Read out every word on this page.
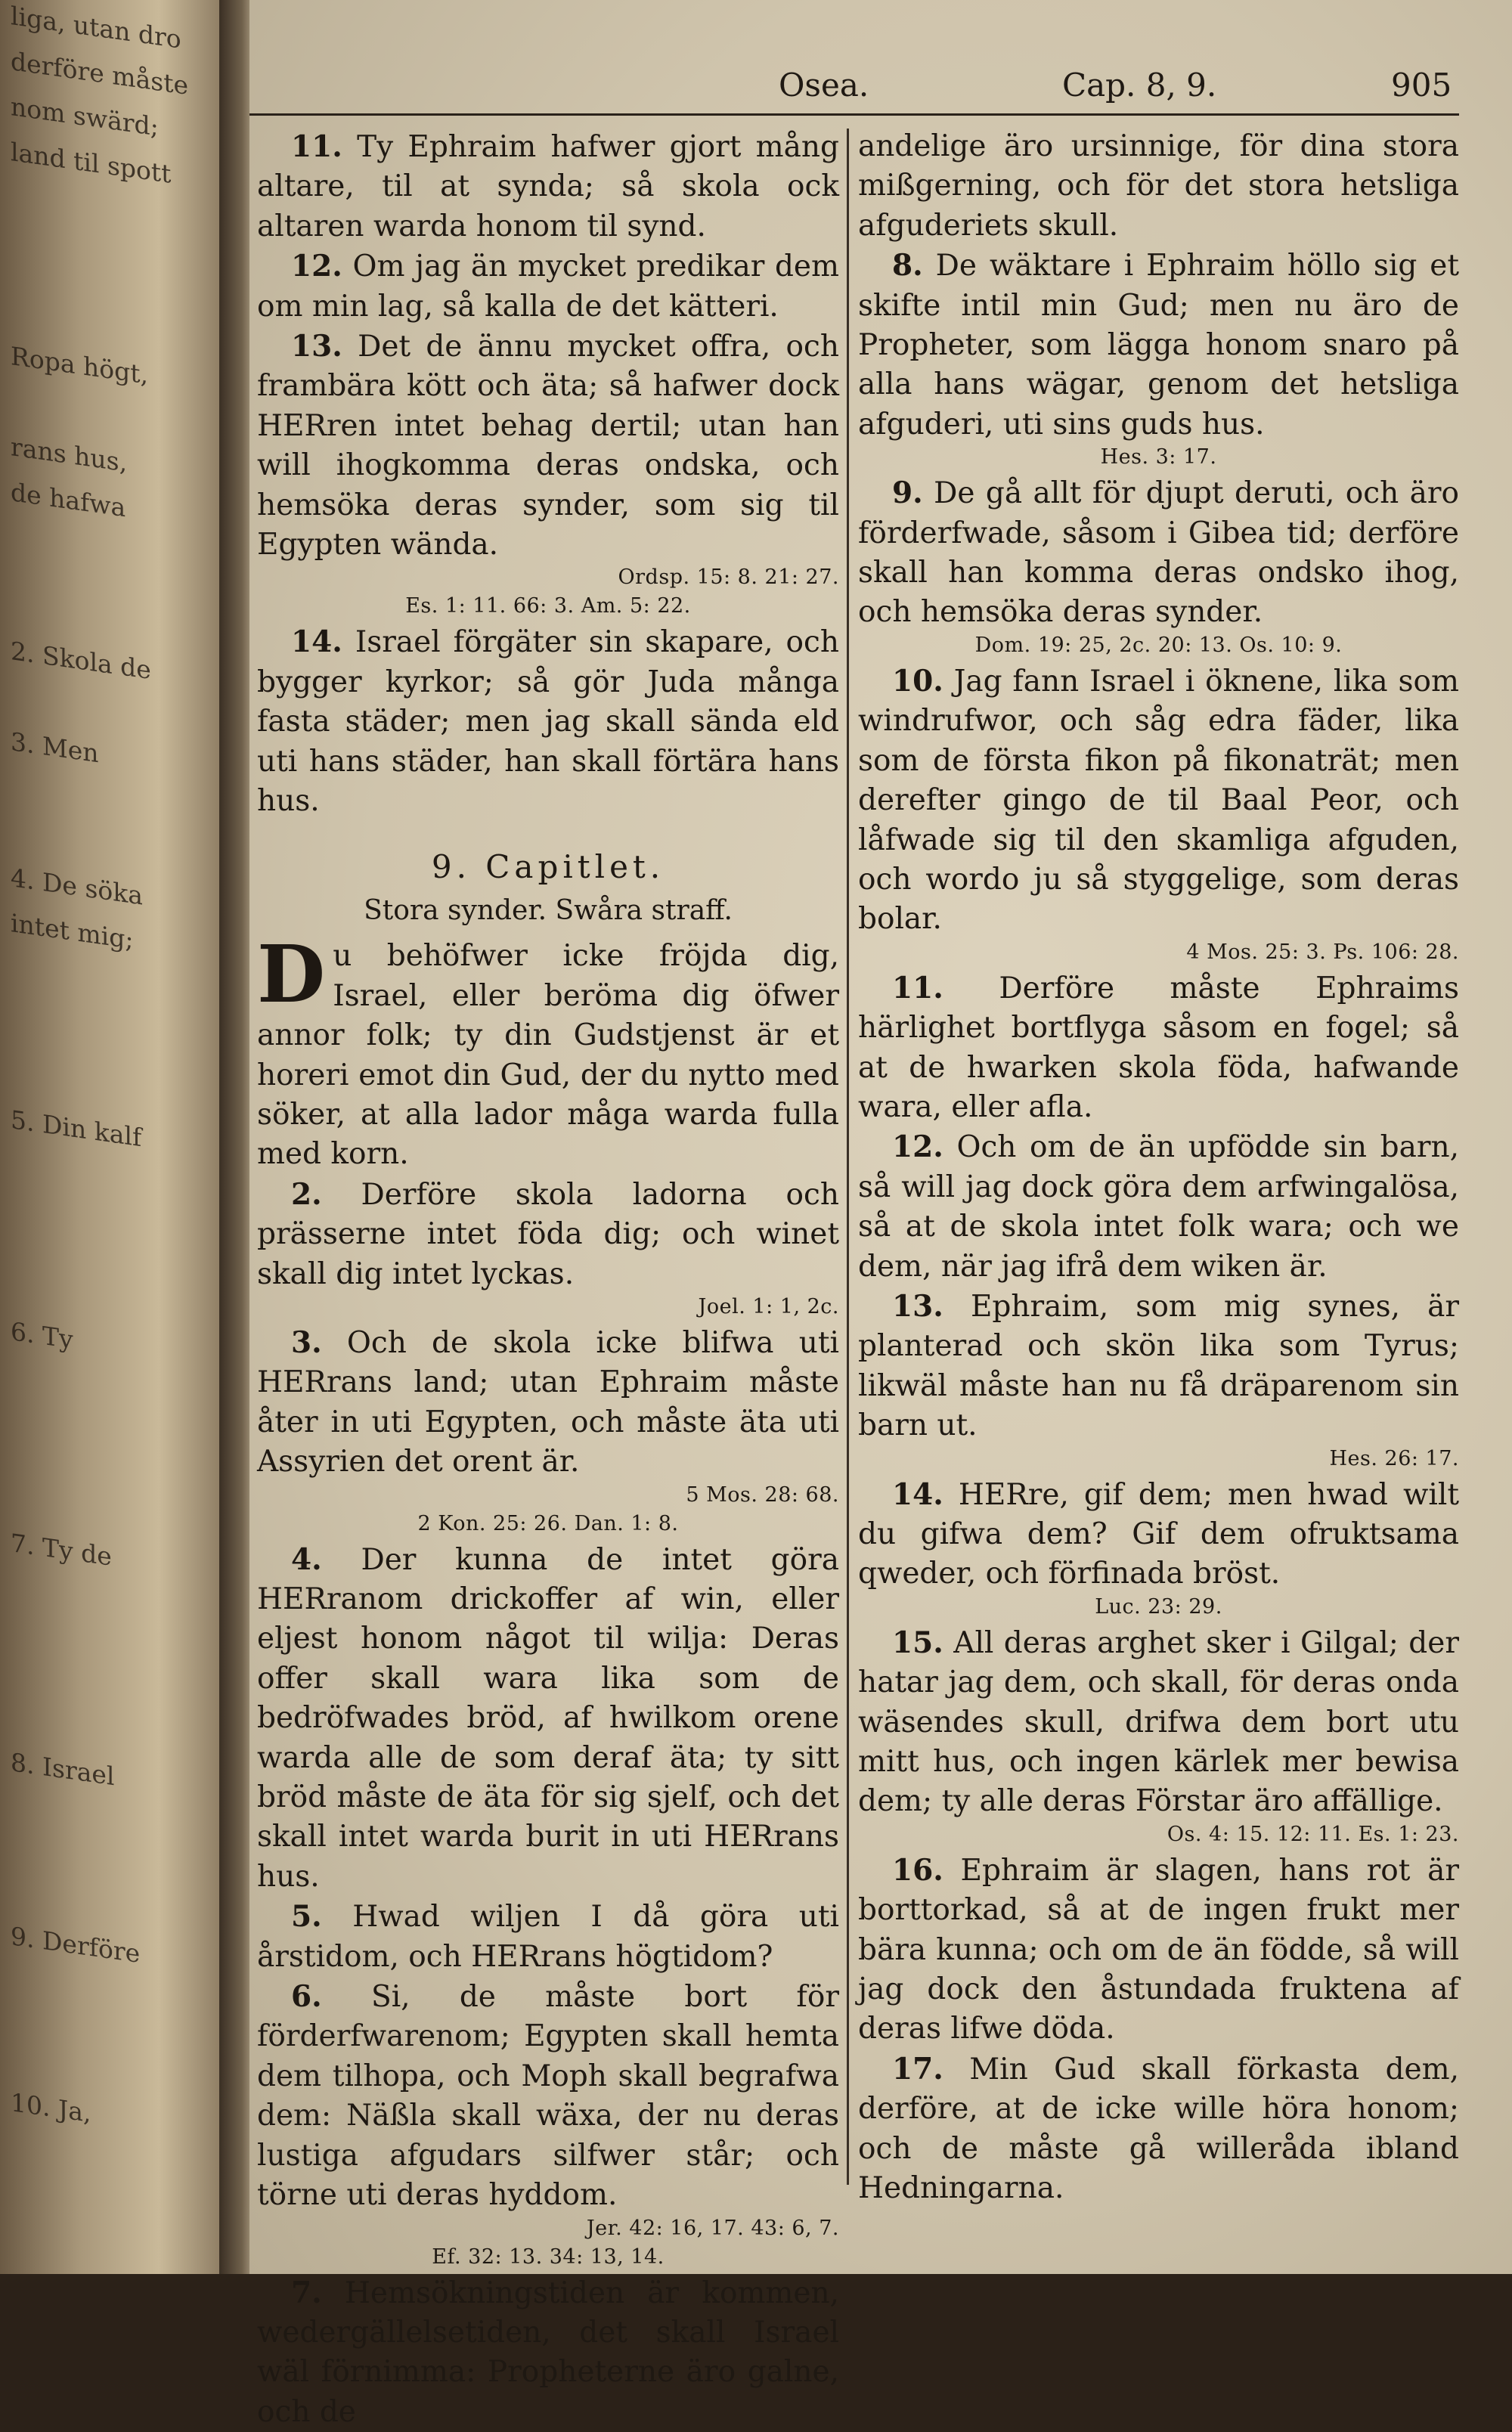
liga, utan dro
derföre måste
nom swärd;
land til spott
Ropa högt,
rans hus,
de hafwa
2. Skola de
3. Men
4. De söka
intet mig;
5. Din kalf
6. Ty
7. Ty de
8. Israel
9. Derföre
10. Ja,
Osea.	Cap. 8, 9.	905

11. Ty Ephraim hafwer gjort mång altare, til at synda; så skola ock altaren warda honom til synd.

12. Om jag än mycket predikar dem om min lag, så kalla de det kätteri.

13. Det de ännu mycket offra, och frambära kött och äta; så hafwer dock HERren intet behag dertil; utan han will ihogkomma deras ondska, och hemsöka deras synder, som sig til Egypten wända.

Ordsp. 15: 8. 21: 27.
Es. 1: 11. 66: 3. Am. 5: 22.

14. Israel förgäter sin skapare, och bygger kyrkor; så gör Juda många fasta städer; men jag skall sända eld uti hans städer, han skall förtära hans hus.

9. Capitlet.
Stora synder. Swåra straff.

Du behöfwer icke fröjda dig, Israel, eller beröma dig öfwer annor folk; ty din Gudstjenst är et horeri emot din Gud, der du nytto med söker, at alla lador måga warda fulla med korn.

2. Derföre skola ladorna och prässerne intet föda dig; och winet skall dig intet lyckas.

Joel. 1: 1, 2c.

3. Och de skola icke blifwa uti HERrans land; utan Ephraim måste åter in uti Egypten, och måste äta uti Assyrien det orent är.

5 Mos. 28: 68.
2 Kon. 25: 26. Dan. 1: 8.

4. Der kunna de intet göra HERranom drickoffer af win, eller eljest honom något til wilja: Deras offer skall wara lika som de bedröfwades bröd, af hwilkom orene warda alle de som deraf äta; ty sitt bröd måste de äta för sig sjelf, och det skall intet warda burit in uti HERrans hus.

5. Hwad wiljen I då göra uti årstidom, och HERrans högtidom?

6. Si, de måste bort för förderfwarenom; Egypten skall hemta dem tilhopa, och Moph skall begrafwa dem: Näßla skall wäxa, der nu deras lustiga afgudars silfwer står; och törne uti deras hyddom.

Jer. 42: 16, 17. 43: 6, 7.
Ef. 32: 13. 34: 13, 14.

7. Hemsökningstiden är kommen, wedergällelsetiden, det skall Israel wäl förnimma: Propheterne äro galne, och de

andelige äro ursinnige, för dina stora mißgerning, och för det stora hetsliga afguderiets skull.

8. De wäktare i Ephraim höllo sig et skifte intil min Gud; men nu äro de Propheter, som lägga honom snaro på alla hans wägar, genom det hetsliga afguderi, uti sins guds hus.

Hes. 3: 17.

9. De gå allt för djupt deruti, och äro förderfwade, såsom i Gibea tid; derföre skall han komma deras ondsko ihog, och hemsöka deras synder.

Dom. 19: 25, 2c. 20: 13. Os. 10: 9.

10. Jag fann Israel i öknene, lika som windrufwor, och såg edra fäder, lika som de första fikon på fikonaträt; men derefter gingo de til Baal Peor, och låfwade sig til den skamliga afguden, och wordo ju så styggelige, som deras bolar.

4 Mos. 25: 3. Ps. 106: 28.

11. Derföre måste Ephraims härlighet bortflyga såsom en fogel; så at de hwarken skola föda, hafwande wara, eller afla.

12. Och om de än upfödde sin barn, så will jag dock göra dem arfwingalösa, så at de skola intet folk wara; och we dem, när jag ifrå dem wiken är.

13. Ephraim, som mig synes, är planterad och skön lika som Tyrus; likwäl måste han nu få dräparenom sin barn ut.

Hes. 26: 17.

14. HERre, gif dem; men hwad wilt du gifwa dem? Gif dem ofruktsama qweder, och förfinada bröst.

Luc. 23: 29.

15. All deras arghet sker i Gilgal; der hatar jag dem, och skall, för deras onda wäsendes skull, drifwa dem bort utu mitt hus, och ingen kärlek mer bewisa dem; ty alle deras Förstar äro affällige.

Os. 4: 15. 12: 11. Es. 1: 23.

16. Ephraim är slagen, hans rot är borttorkad, så at de ingen frukt mer bära kunna; och om de än födde, så will jag dock den åstundada fruktena af deras lifwe döda.

17. Min Gud skall förkasta dem, derföre, at de icke wille höra honom; och de måste gå willeråda ibland Hedningarna.
